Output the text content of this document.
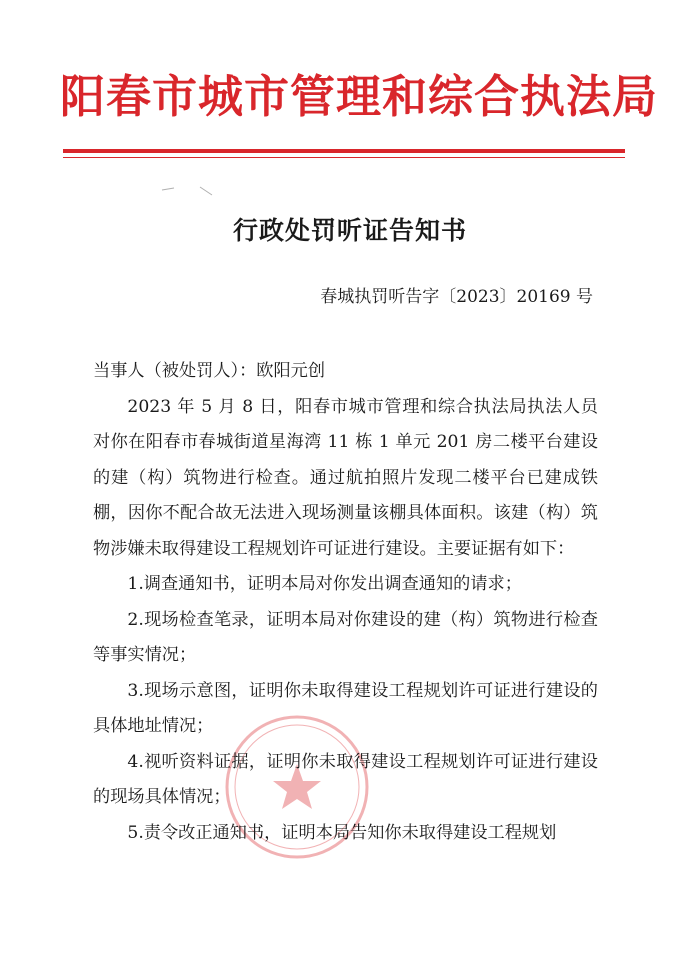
阳春市城市管理和综合执法局
行政处罚听证告知书
春城执罚听告字〔2023〕20169 号

当事人（被处罚人）：欧阳元创

2023 年 5 月 8 日，阳春市城市管理和综合执法局执法人员对你在阳春市春城街道星海湾 11 栋 1 单元 201 房二楼平台建设的建（构）筑物进行检查。通过航拍照片发现二楼平台已建成铁棚，因你不配合故无法进入现场测量该棚具体面积。该建（构）筑物涉嫌未取得建设工程规划许可证进行建设。主要证据有如下：

1.调查通知书，证明本局对你发出调查通知的请求；

2.现场检查笔录，证明本局对你建设的建（构）筑物进行检查等事实情况；

3.现场示意图，证明你未取得建设工程规划许可证进行建设的具体地址情况；

4.视听资料证据，证明你未取得建设工程规划许可证进行建设的现场具体情况；

5.责令改正通知书，证明本局告知你未取得建设工程规划
